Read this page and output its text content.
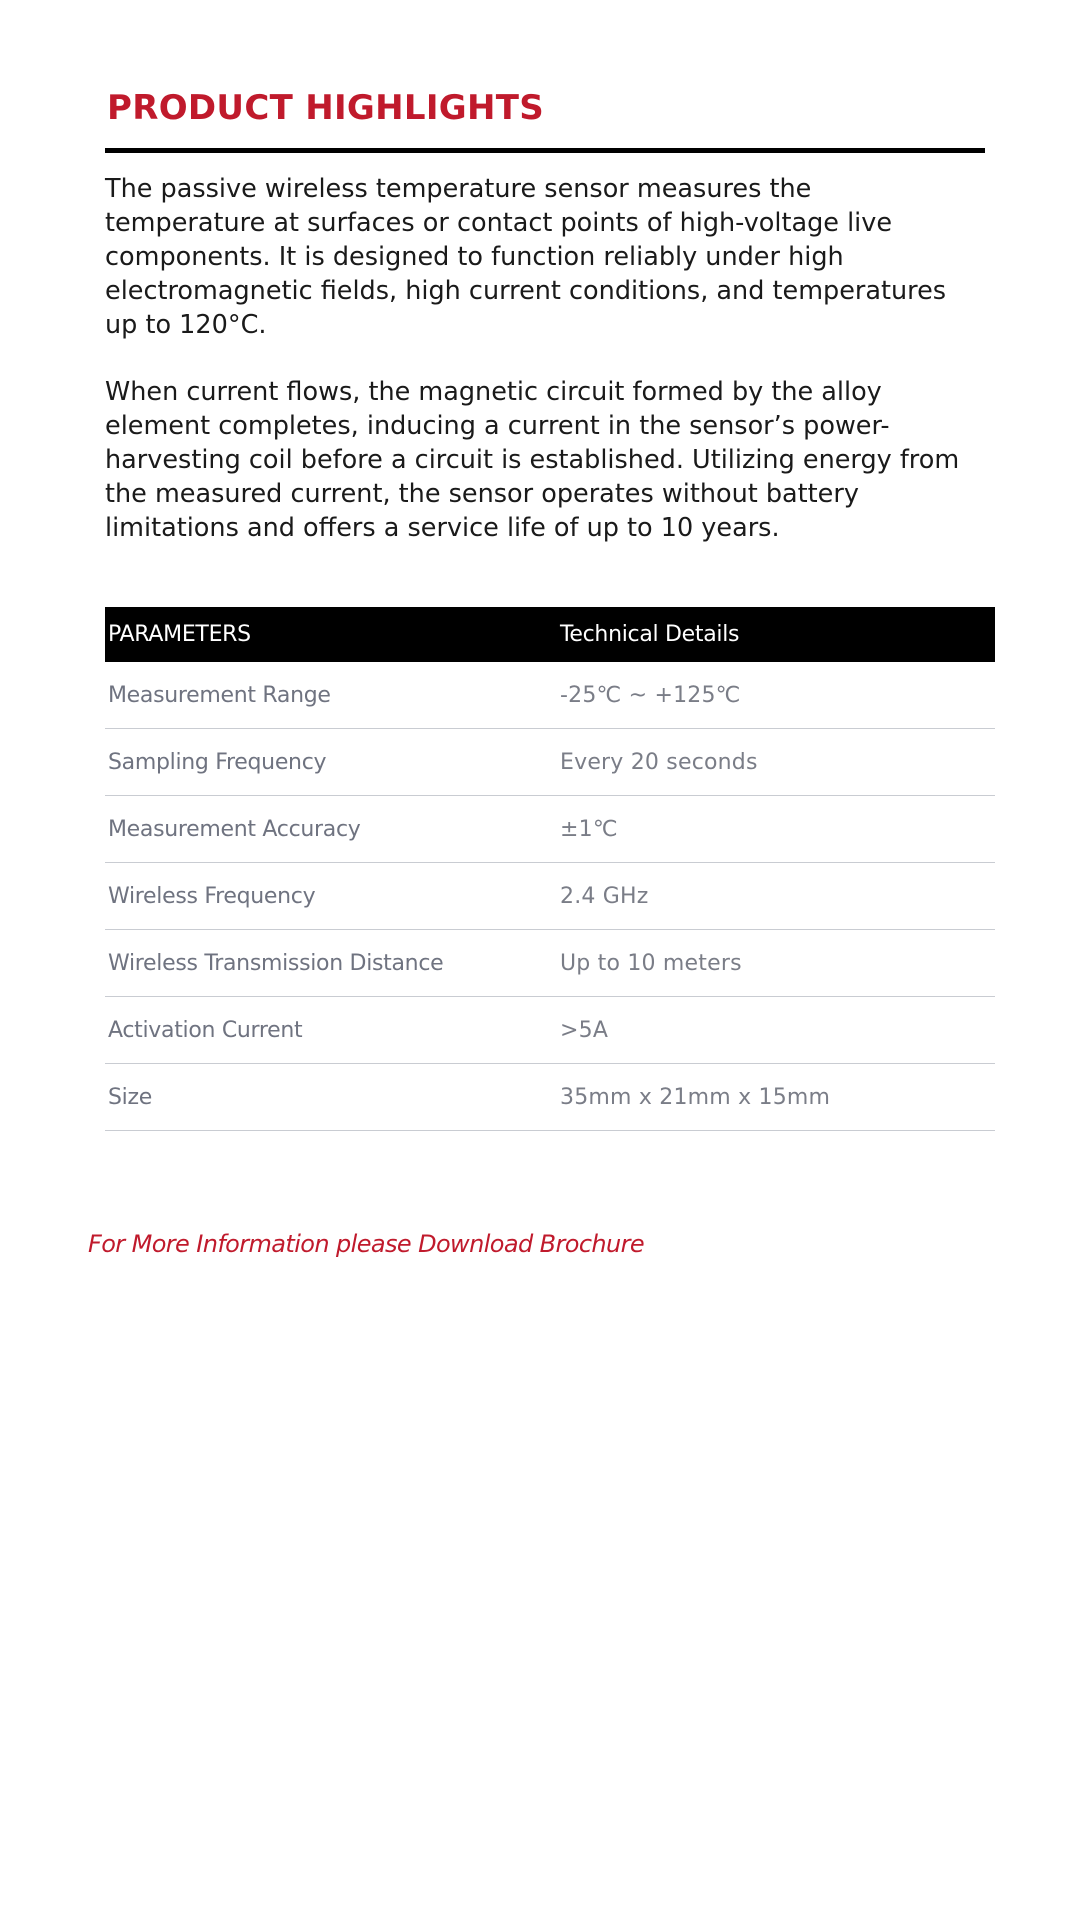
PRODUCT HIGHLIGHTS

The passive wireless temperature sensor measures the
temperature at surfaces or contact points of high-voltage live
components. It is designed to function reliably under high
electromagnetic fields, high current conditions, and temperatures
up to 120°C.

When current flows, the magnetic circuit formed by the alloy
element completes, inducing a current in the sensor’s power-
harvesting coil before a circuit is established. Utilizing energy from
the measured current, the sensor operates without battery
limitations and offers a service life of up to 10 years.

PARAMETERS	Technical Details
Measurement Range	-25℃ ~ +125℃
Sampling Frequency	Every 20 seconds
Measurement Accuracy	±1℃
Wireless Frequency	2.4 GHz
Wireless Transmission Distance	Up to 10 meters
Activation Current	>5A
Size	35mm x 21mm x 15mm
For More Information please Download Brochure
